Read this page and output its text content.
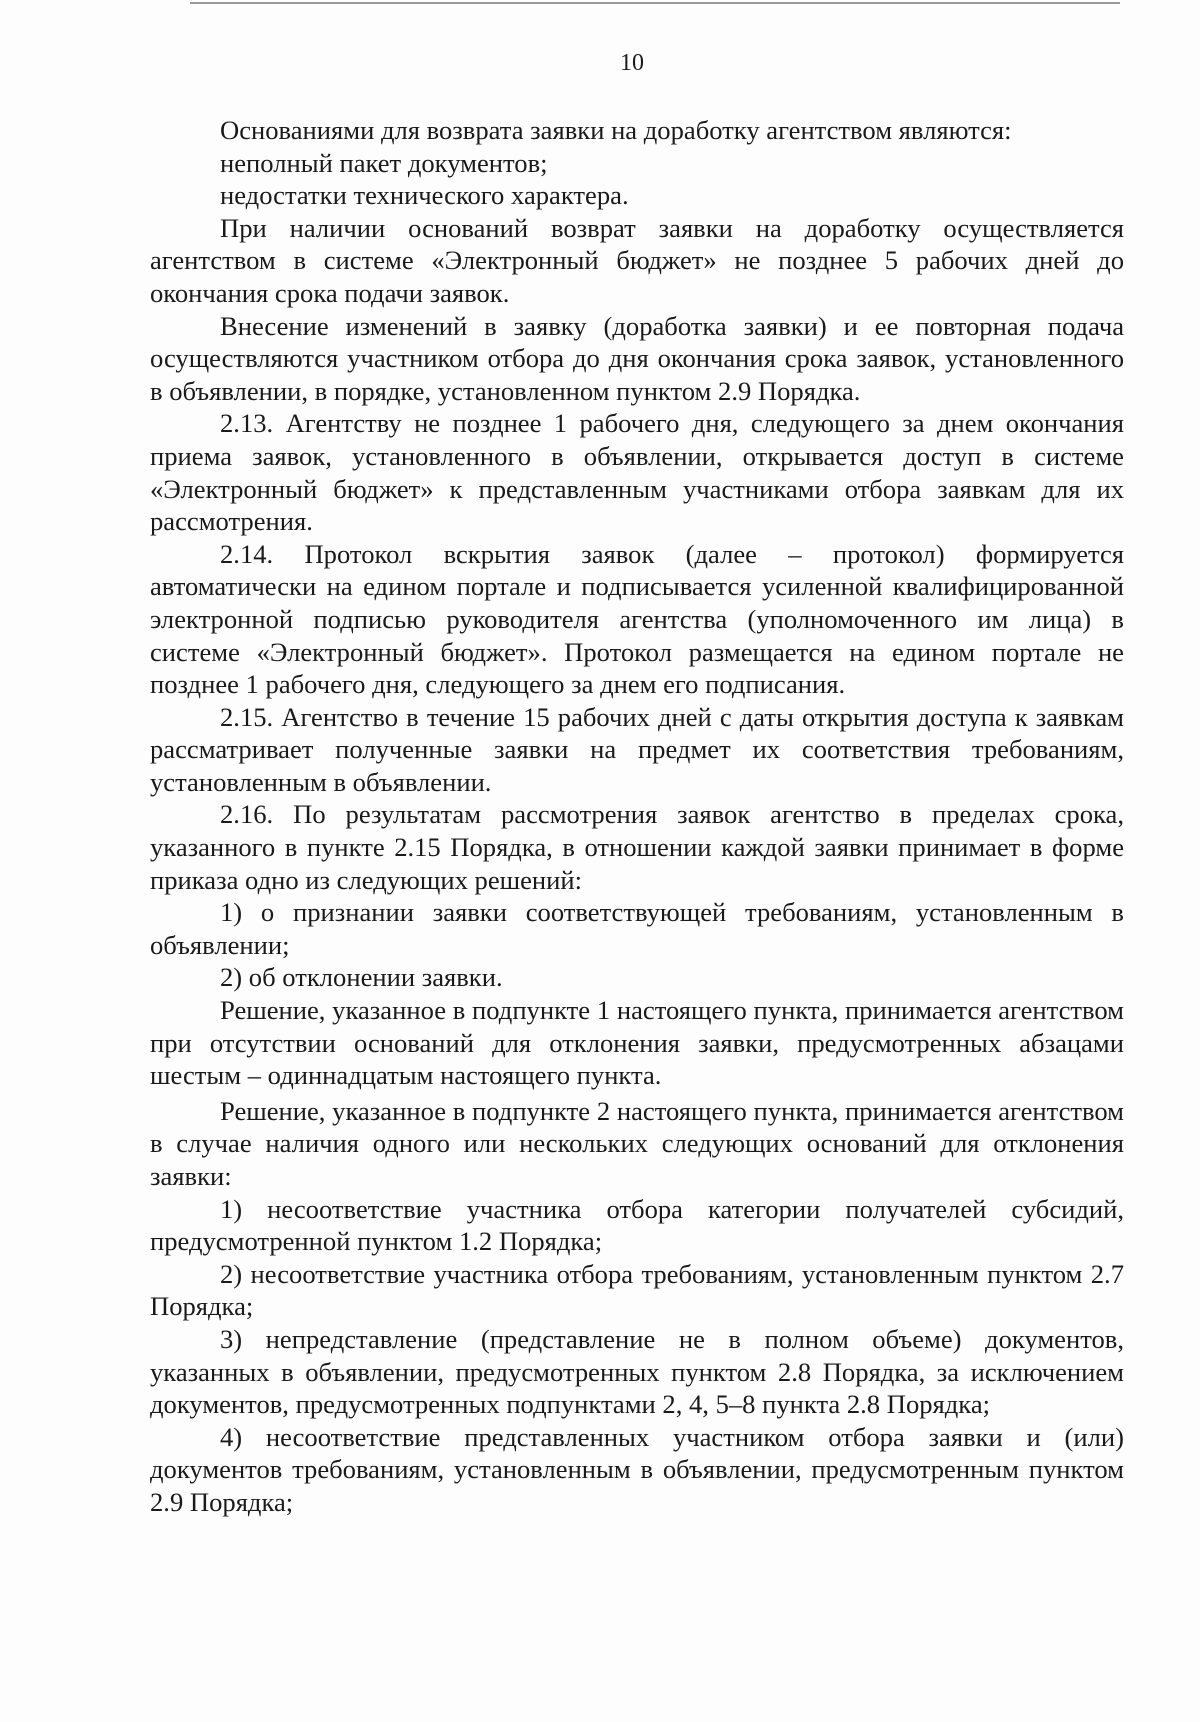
10

Основаниями для возврата заявки на доработку агентством являются:

неполный пакет документов;

недостатки технического характера.

При наличии оснований возврат заявки на доработку осуществляется агентством в системе «Электронный бюджет» не позднее 5 рабочих дней до окончания срока подачи заявок.

Внесение изменений в заявку (доработка заявки) и ее повторная подача осуществляются участником отбора до дня окончания срока заявок, установленного в объявлении, в порядке, установленном пунктом 2.9 Порядка.

2.13. Агентству не позднее 1 рабочего дня, следующего за днем окончания приема заявок, установленного в объявлении, открывается доступ в системе «Электронный бюджет» к представленным участниками отбора заявкам для их рассмотрения.

2.14. Протокол вскрытия заявок (далее – протокол) формируется автоматически на едином портале и подписывается усиленной квалифицированной электронной подписью руководителя агентства (уполномоченного им лица) в системе «Электронный бюджет». Протокол размещается на едином портале не позднее 1 рабочего дня, следующего за днем его подписания.

2.15. Агентство в течение 15 рабочих дней с даты открытия доступа к заявкам рассматривает полученные заявки на предмет их соответствия требованиям, установленным в объявлении.

2.16. По результатам рассмотрения заявок агентство в пределах срока, указанного в пункте 2.15 Порядка, в отношении каждой заявки принимает в форме приказа одно из следующих решений:

1) о признании заявки соответствующей требованиям, установленным в объявлении;

2) об отклонении заявки.

Решение, указанное в подпункте 1 настоящего пункта, принимается агентством при отсутствии оснований для отклонения заявки, предусмотренных абзацами шестым – одиннадцатым настоящего пункта.

Решение, указанное в подпункте 2 настоящего пункта, принимается агентством в случае наличия одного или нескольких следующих оснований для отклонения заявки:

1) несоответствие участника отбора категории получателей субсидий, предусмотренной пунктом 1.2 Порядка;

2) несоответствие участника отбора требованиям, установленным пунктом 2.7 Порядка;

3) непредставление (представление не в полном объеме) документов, указанных в объявлении, предусмотренных пунктом 2.8 Порядка, за исключением документов, предусмотренных подпунктами 2, 4, 5–8 пункта 2.8 Порядка;

4) несоответствие представленных участником отбора заявки и (или) документов требованиям, установленным в объявлении, предусмотренным пунктом 2.9 Порядка;
